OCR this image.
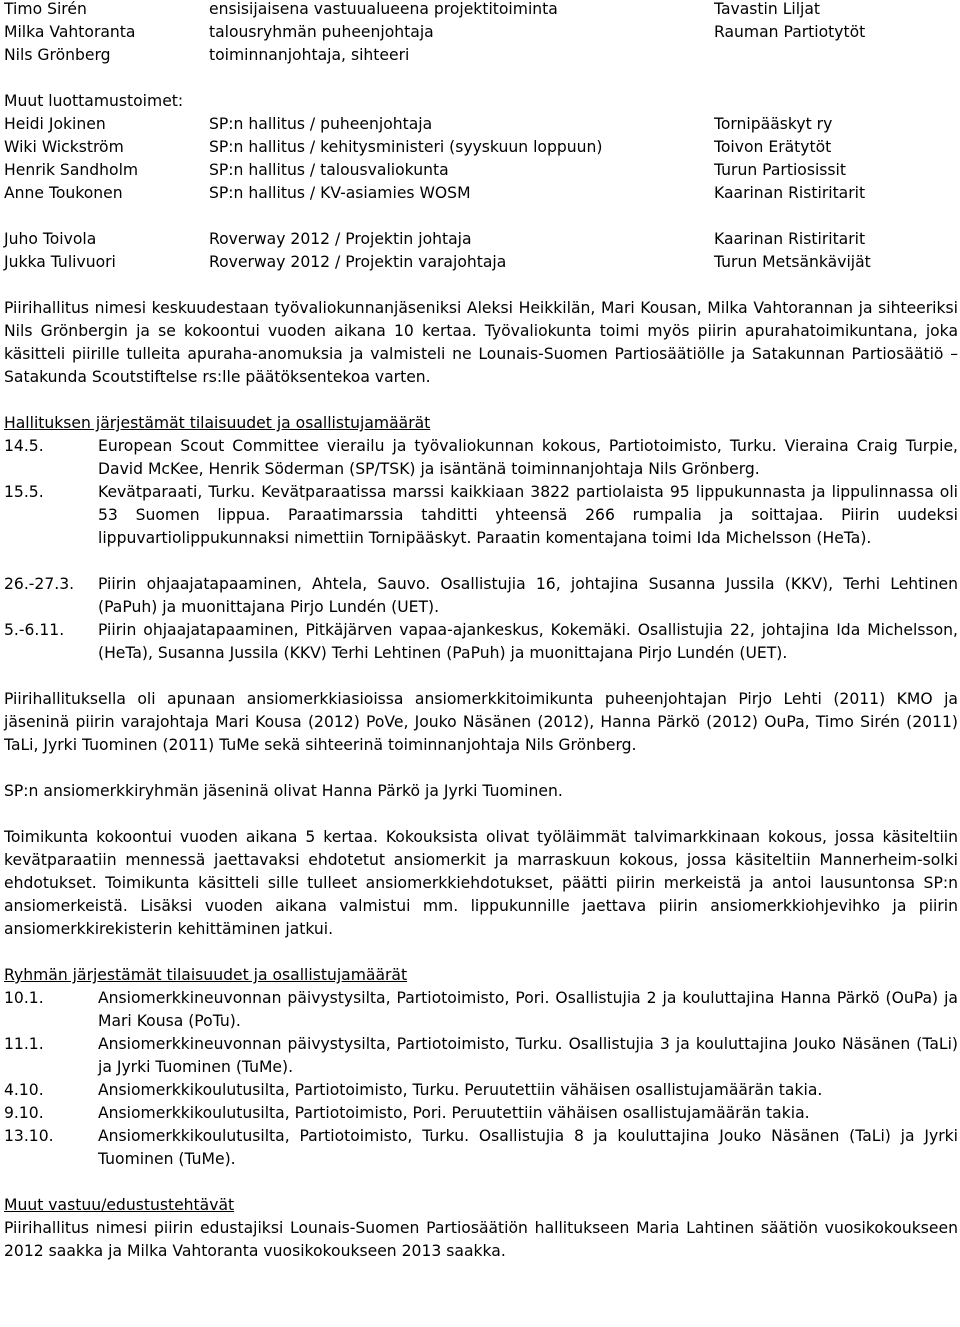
Timo Sirén	ensisijaisena vastuualueena projektitoiminta	Tavastin Liljat
Milka Vahtoranta	talousryhmän puheenjohtaja	Rauman Partiotytöt
Nils Grönberg	toiminnanjohtaja, sihteeri
Muut luottamustoimet:
Heidi Jokinen	SP:n hallitus / puheenjohtaja	Tornipääskyt ry
Wiki Wickström	SP:n hallitus / kehitysministeri (syyskuun loppuun)	Toivon Erätytöt
Henrik Sandholm	SP:n hallitus / talousvaliokunta	Turun Partiosissit
Anne Toukonen	SP:n hallitus / KV-asiamies WOSM	Kaarinan Ristiritarit
Juho Toivola	Roverway 2012 / Projektin johtaja	Kaarinan Ristiritarit
Jukka Tulivuori	Roverway 2012 / Projektin varajohtaja	Turun Metsänkävijät

Piirihallitus nimesi keskuudestaan työvaliokunnanjäseniksi Aleksi Heikkilän, Mari Kousan, Milka Vahtorannan ja sihteeriksi Nils Grönbergin ja se kokoontui vuoden aikana 10 kertaa. Työvaliokunta toimi myös piirin apurahatoimikuntana, joka käsitteli piirille tulleita apuraha-anomuksia ja valmisteli ne Lounais-Suomen Partiosäätiölle ja Satakunnan Partiosäätiö – Satakunda Scoutstiftelse rs:lle päätöksentekoa varten.

Hallituksen järjestämät tilaisuudet ja osallistujamäärät
14.5.	European Scout Committee vierailu ja työvaliokunnan kokous, Partiotoimisto, Turku. Vieraina Craig Turpie, David McKee, Henrik Söderman (SP/TSK) ja isäntänä toiminnanjohtaja Nils Grönberg.
15.5.	Kevätparaati, Turku. Kevätparaatissa marssi kaikkiaan 3822 partiolaista 95 lippukunnasta ja lippulinnassa oli 53 Suomen lippua. Paraatimarssia tahditti yhteensä 266 rumpalia ja soittajaa. Piirin uudeksi lippuvartiolippukunnaksi nimettiin Tornipääskyt. Paraatin komentajana toimi Ida Michelsson (HeTa).
26.-27.3. Piirin ohjaajatapaaminen, Ahtela, Sauvo. Osallistujia 16, johtajina Susanna Jussila (KKV), Terhi Lehtinen (PaPuh) ja muonittajana Pirjo Lundén (UET).
5.-6.11. Piirin ohjaajatapaaminen, Pitkäjärven vapaa-ajankeskus, Kokemäki. Osallistujia 22, johtajina Ida Michelsson, (HeTa), Susanna Jussila (KKV) Terhi Lehtinen (PaPuh) ja muonittajana Pirjo Lundén (UET).

Piirihallituksella oli apunaan ansiomerkkiasioissa ansiomerkkitoimikunta puheenjohtajan Pirjo Lehti (2011) KMO ja jäseninä piirin varajohtaja Mari Kousa (2012) PoVe, Jouko Näsänen (2012), Hanna Pärkö (2012) OuPa, Timo Sirén (2011) TaLi, Jyrki Tuominen (2011) TuMe sekä sihteerinä toiminnanjohtaja Nils Grönberg.

SP:n ansiomerkkiryhmän jäseninä olivat Hanna Pärkö ja Jyrki Tuominen.

Toimikunta kokoontui vuoden aikana 5 kertaa. Kokouksista olivat työläimmät talvimarkkinaan kokous, jossa käsiteltiin kevätparaatiin mennessä jaettavaksi ehdotetut ansiomerkit ja marraskuun kokous, jossa käsiteltiin Mannerheim-solki ehdotukset. Toimikunta käsitteli sille tulleet ansiomerkkiehdotukset, päätti piirin merkeistä ja antoi lausuntonsa SP:n ansiomerkeistä. Lisäksi vuoden aikana valmistui mm. lippukunnille jaettava piirin ansiomerkkiohjevihko ja piirin ansiomerkkirekisterin kehittäminen jatkui.

Ryhmän järjestämät tilaisuudet ja osallistujamäärät
10.1.	Ansiomerkkineuvonnan päivystysilta, Partiotoimisto, Pori. Osallistujia 2 ja kouluttajina Hanna Pärkö (OuPa) ja Mari Kousa (PoTu).
11.1.	Ansiomerkkineuvonnan päivystysilta, Partiotoimisto, Turku. Osallistujia 3 ja kouluttajina Jouko Näsänen (TaLi) ja Jyrki Tuominen (TuMe).
4.10.	Ansiomerkkikoulutusilta, Partiotoimisto, Turku. Peruutettiin vähäisen osallistujamäärän takia.
9.10.	Ansiomerkkikoulutusilta, Partiotoimisto, Pori. Peruutettiin vähäisen osallistujamäärän takia.
13.10.	Ansiomerkkikoulutusilta, Partiotoimisto, Turku. Osallistujia 8 ja kouluttajina Jouko Näsänen (TaLi) ja Jyrki Tuominen (TuMe).
Muut vastuu/edustustehtävät

Piirihallitus nimesi piirin edustajiksi Lounais-Suomen Partiosäätiön hallitukseen Maria Lahtinen säätiön vuosikokoukseen 2012 saakka ja Milka Vahtoranta vuosikokoukseen 2013 saakka.
